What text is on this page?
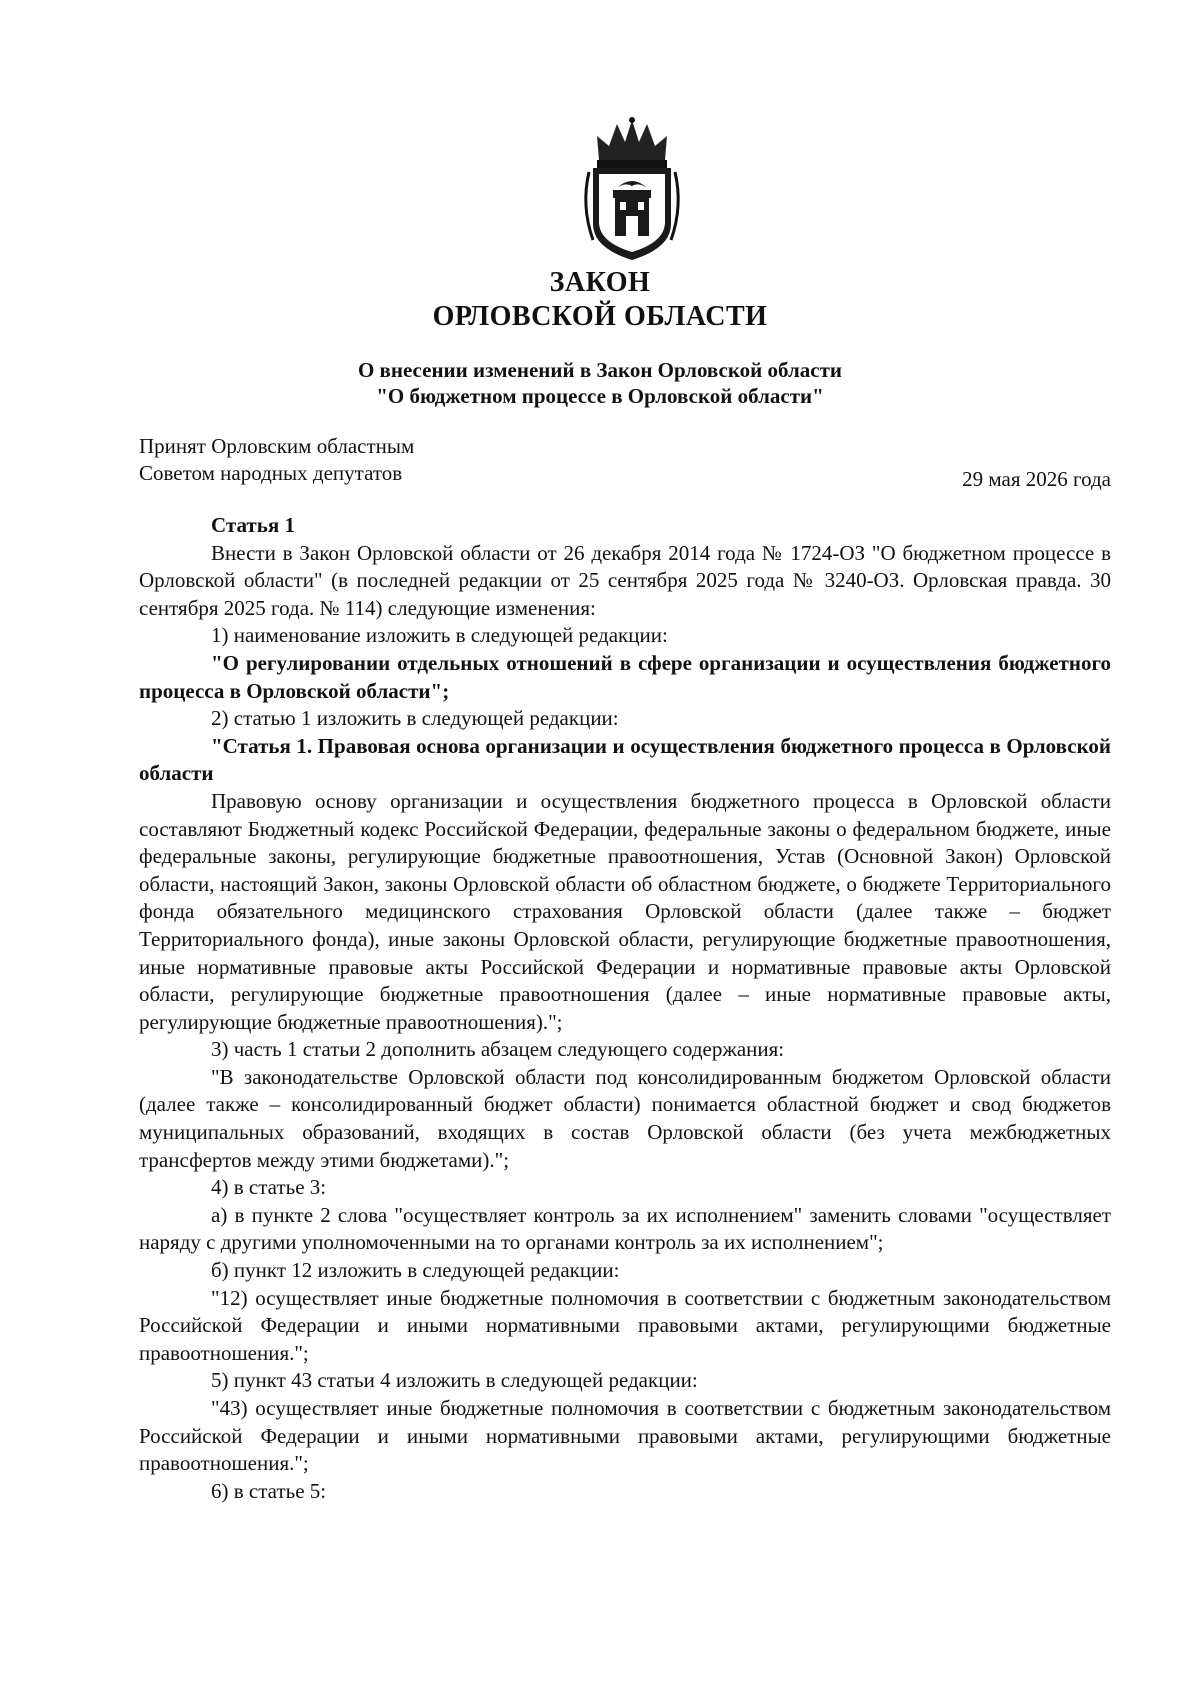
ЗАКОН
ОРЛОВСКОЙ ОБЛАСТИ
О внесении изменений в Закон Орловской области
"О бюджетном процессе в Орловской области"
Принят Орловским областным
Советом народных депутатов	29 мая 2026 года

Статья 1

Внести в Закон Орловской области от 26 декабря 2014 года № 1724-ОЗ "О бюджетном процессе в Орловской области" (в последней редакции от 25 сентября 2025 года № 3240-ОЗ. Орловская правда. 30 сентября 2025 года. № 114) следующие изменения:

1) наименование изложить в следующей редакции:

"О регулировании отдельных отношений в сфере организации и осуществления бюджетного процесса в Орловской области";

2) статью 1 изложить в следующей редакции:

"Статья 1. Правовая основа организации и осуществления бюджетного процесса в Орловской области

Правовую основу организации и осуществления бюджетного процесса в Орловской области составляют Бюджетный кодекс Российской Федерации, федеральные законы о федеральном бюджете, иные федеральные законы, регулирующие бюджетные правоотношения, Устав (Основной Закон) Орловской области, настоящий Закон, законы Орловской области об областном бюджете, о бюджете Территориального фонда обязательного медицинского страхования Орловской области (далее также – бюджет Территориального фонда), иные законы Орловской области, регулирующие бюджетные правоотношения, иные нормативные правовые акты Российской Федерации и нормативные правовые акты Орловской области, регулирующие бюджетные правоотношения (далее – иные нормативные правовые акты, регулирующие бюджетные правоотношения).";

3) часть 1 статьи 2 дополнить абзацем следующего содержания:

"В законодательстве Орловской области под консолидированным бюджетом Орловской области (далее также – консолидированный бюджет области) понимается областной бюджет и свод бюджетов муниципальных образований, входящих в состав Орловской области (без учета межбюджетных трансфертов между этими бюджетами).";

4) в статье 3:

а) в пункте 2 слова "осуществляет контроль за их исполнением" заменить словами "осуществляет наряду с другими уполномоченными на то органами контроль за их исполнением";

б) пункт 12 изложить в следующей редакции:

"12) осуществляет иные бюджетные полномочия в соответствии с бюджетным законодательством Российской Федерации и иными нормативными правовыми актами, регулирующими бюджетные правоотношения.";

5) пункт 43 статьи 4 изложить в следующей редакции:

"43) осуществляет иные бюджетные полномочия в соответствии с бюджетным законодательством Российской Федерации и иными нормативными правовыми актами, регулирующими бюджетные правоотношения.";

6) в статье 5:
